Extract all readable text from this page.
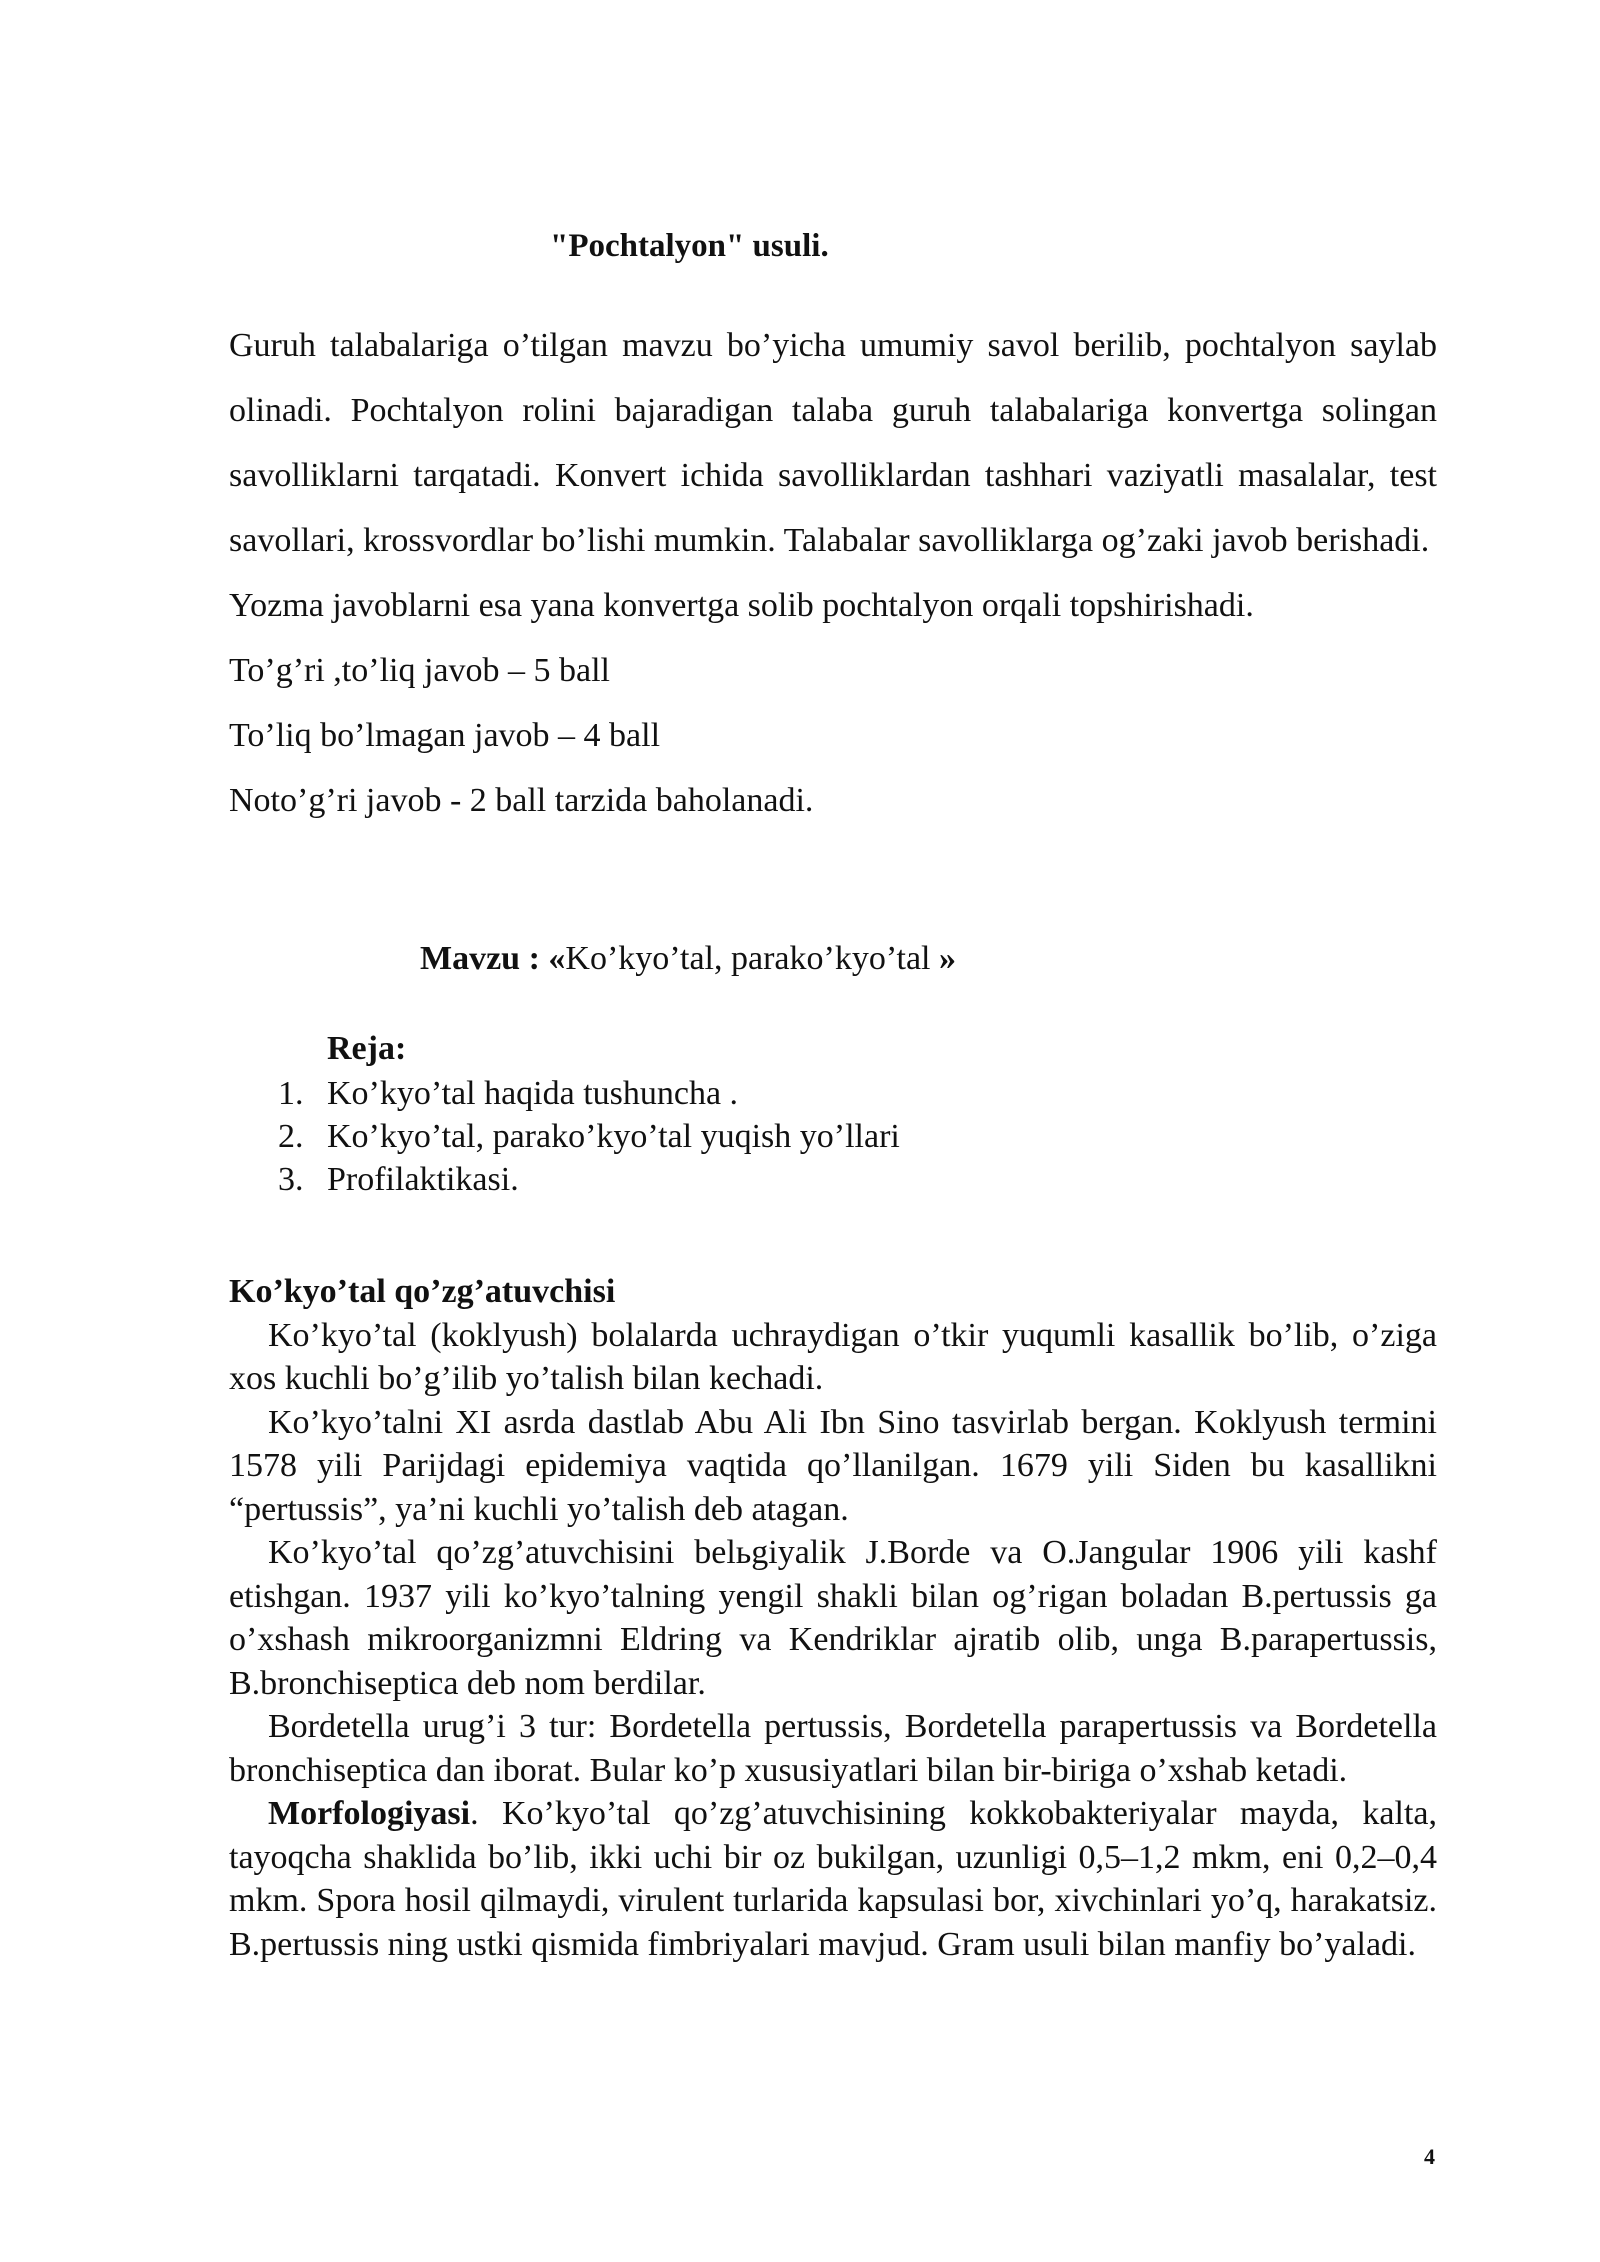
"Pochtalyon" usuli.

Guruh talabalariga o’tilgan mavzu bo’yicha umumiy savol berilib, pochtalyon saylab olinadi. Pochtalyon rolini bajaradigan talaba guruh talabalariga konvertga solingan savolliklarni tarqatadi. Konvert ichida savolliklardan tashhari vaziyatli masalalar, test savollari, krossvordlar bo’lishi mumkin. Talabalar savolliklarga og’zaki javob berishadi.

Yozma javoblarni esa yana konvertga solib pochtalyon orqali topshirishadi.

To’g’ri ,to’liq javob – 5 ball

To’liq bo’lmagan javob – 4 ball

Noto’g’ri javob - 2 ball tarzida baholanadi.

Mavzu : «Ko’kyo’tal, parako’kyo’tal »
Reja:
1. Ko’kyo’tal haqida tushuncha .
2. Ko’kyo’tal, parako’kyo’tal yuqish yo’llari
3. Profilaktikasi.

Ko’kyo’tal qo’zg’atuvchisi

Ko’kyo’tal (koklyush) bolalarda uchraydigan o’tkir yuqumli kasallik bo’lib, o’ziga xos kuchli bo’g’ilib yo’talish bilan kechadi.

Ko’kyo’talni XI asrda dastlab Abu Ali Ibn Sino tasvirlab bergan. Koklyush termini 1578 yili Parijdagi epidemiya vaqtida qo’llanilgan. 1679 yili Siden bu kasallikni “pertussis”, ya’ni kuchli yo’talish deb atagan.

Ko’kyo’tal qo’zg’atuvchisini belьgiyalik J.Borde va O.Jangular 1906 yili kashf etishgan. 1937 yili ko’kyo’talning yengil shakli bilan og’rigan boladan B.pertussis ga o’xshash mikroorganizmni Eldring va Kendriklar ajratib olib, unga B.parapertussis, B.bronchiseptica deb nom berdilar.

Bordetella urug’i 3 tur: Bordetella pertussis, Bordetella parapertussis va Bordetella bronchiseptica dan iborat. Bular ko’p xususiyatlari bilan bir-biriga o’xshab ketadi.

Morfologiyasi. Ko’kyo’tal qo’zg’atuvchisining kokkobakteriyalar mayda, kalta, tayoqcha shaklida bo’lib, ikki uchi bir oz bukilgan, uzunligi 0,5–1,2 mkm, eni 0,2–0,4 mkm. Spora hosil qilmaydi, virulent turlarida kapsulasi bor, xivchinlari yo’q, harakatsiz. B.pertussis ning ustki qismida fimbriyalari mavjud. Gram usuli bilan manfiy bo’yaladi.

4
